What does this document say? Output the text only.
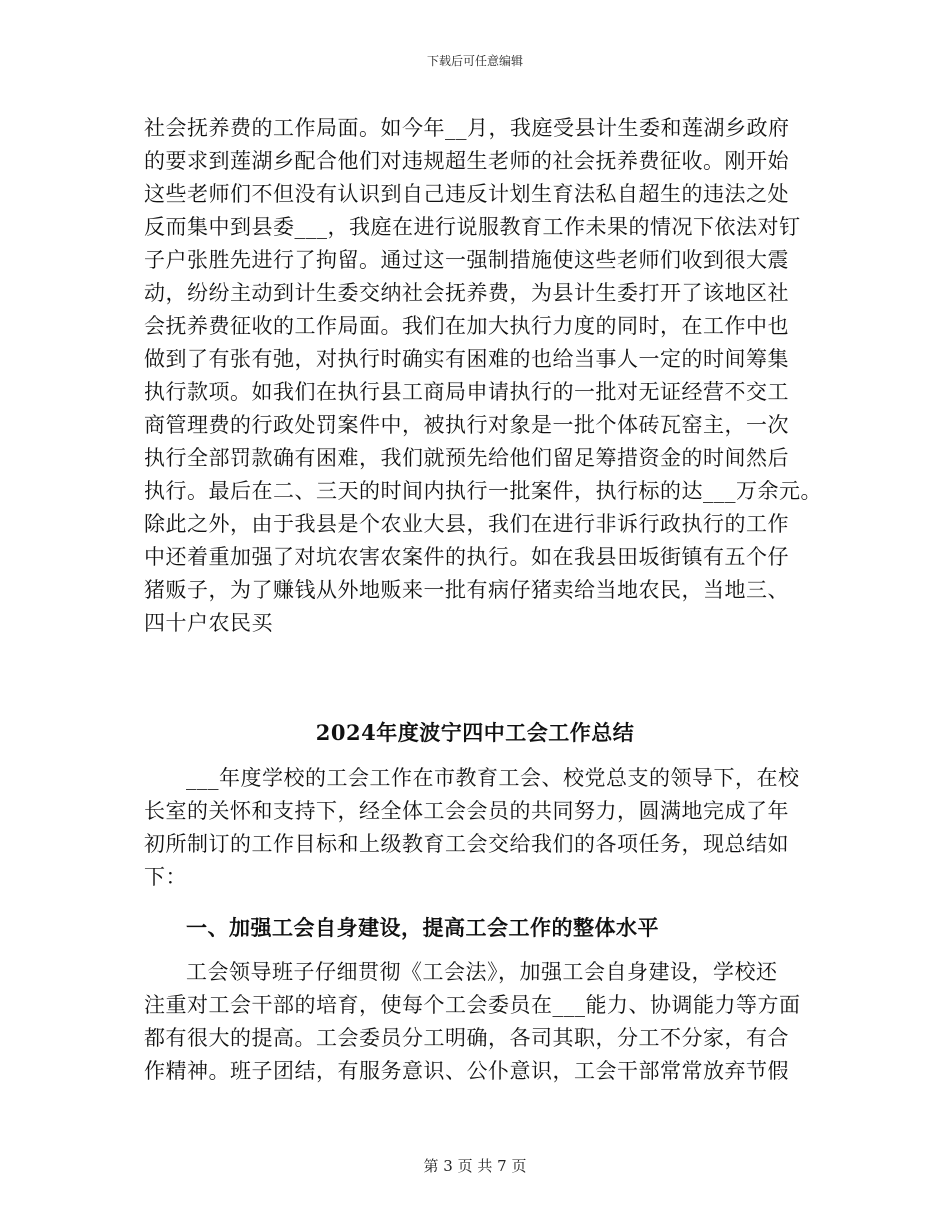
下载后可任意编辑
社会抚养费的工作局面。如今年__月，我庭受县计生委和莲湖乡政府
的要求到莲湖乡配合他们对违规超生老师的社会抚养费征收。刚开始
这些老师们不但没有认识到自己违反计划生育法私自超生的违法之处
反而集中到县委___，我庭在进行说服教育工作未果的情况下依法对钉
子户张胜先进行了拘留。通过这一强制措施使这些老师们收到很大震
动，纷纷主动到计生委交纳社会抚养费，为县计生委打开了该地区社
会抚养费征收的工作局面。我们在加大执行力度的同时，在工作中也
做到了有张有弛，对执行时确实有困难的也给当事人一定的时间筹集
执行款项。如我们在执行县工商局申请执行的一批对无证经营不交工
商管理费的行政处罚案件中，被执行对象是一批个体砖瓦窑主，一次
执行全部罚款确有困难，我们就预先给他们留足筹措资金的时间然后
执行。最后在二、三天的时间内执行一批案件，执行标的达___万余元。
除此之外，由于我县是个农业大县，我们在进行非诉行政执行的工作
中还着重加强了对坑农害农案件的执行。如在我县田坂街镇有五个仔
猪贩子，为了赚钱从外地贩来一批有病仔猪卖给当地农民，当地三、
四十户农民买
2024年度波宁四中工会工作总结
___年度学校的工会工作在市教育工会、校党总支的领导下，在校
长室的关怀和支持下，经全体工会会员的共同努力，圆满地完成了年
初所制订的工作目标和上级教育工会交给我们的各项任务，现总结如
下：
一、加强工会自身建设，提高工会工作的整体水平
工会领导班子仔细贯彻《工会法》，加强工会自身建设，学校还
注重对工会干部的培育，使每个工会委员在___能力、协调能力等方面
都有很大的提高。工会委员分工明确，各司其职，分工不分家，有合
作精神。班子团结，有服务意识、公仆意识，工会干部常常放弃节假
第 3 页 共 7 页
